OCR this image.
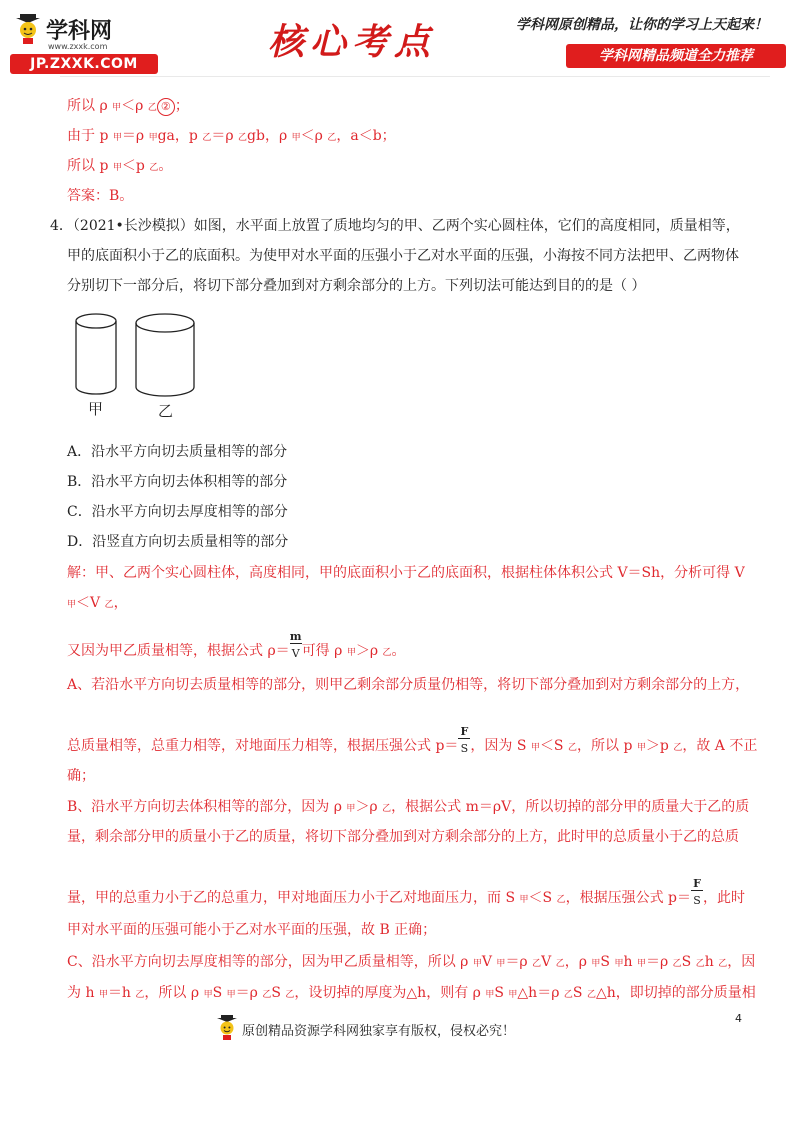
学科网
www.zxxk.com
JP.ZXXK.COM
核心考点	学科网原创精品，让你的学习上天起来！
学科网精品频道全力推荐
所以 ρ 甲＜ρ 乙 ② ；
由于 p 甲＝ρ 甲ga，p 乙＝ρ 乙gb，ρ 甲＜ρ 乙，a＜b；
所以 p 甲＜p 乙。
答案：B。
4．（2021•长沙模拟）如图，水平面上放置了质地均匀的甲、乙两个实心圆柱体，它们的高度相同，质量相等，
甲的底面积小于乙的底面积。为使甲对水平面的压强小于乙对水平面的压强，小海按不同方法把甲、乙两物体
分别切下一部分后，将切下部分叠加到对方剩余部分的上方。下列切法可能达到目的的是（ ）
甲	乙
A．沿水平方向切去质量相等的部分
B．沿水平方向切去体积相等的部分
C．沿水平方向切去厚度相等的部分
D．沿竖直方向切去质量相等的部分
解：甲、乙两个实心圆柱体，高度相同，甲的底面积小于乙的底面积，根据柱体体积公式 V＝Sh，分析可得 V
甲＜V 乙，
又因为甲乙质量相等，根据公式 $\rho= \frac{m}{V}$ 可得 ρ 甲＞ρ 乙。
A、若沿水平方向切去质量相等的部分，则甲乙剩余部分质量仍相等，将切下部分叠加到对方剩余部分的上方，
总质量相等，总重力相等，对地面压力相等，根据压强公式 $p= \frac{F}{S}$ ，因为 S 甲＜S 乙，所以 p 甲＞p 乙，故 A 不正
确；
B、沿水平方向切去体积相等的部分，因为 ρ 甲＞ρ 乙，根据公式 m＝ρV，所以切掉的部分甲的质量大于乙的质
量，剩余部分甲的质量小于乙的质量，将切下部分叠加到对方剩余部分的上方，此时甲的总质量小于乙的总质
量，甲的总重力小于乙的总重力，甲对地面压力小于乙对地面压力，而 S 甲＜S 乙，根据压强公式 $p= \frac{F}{S}$ ，此时
甲对水平面的压强可能小于乙对水平面的压强，故 B 正确；
C、沿水平方向切去厚度相等的部分，因为甲乙质量相等，所以 ρ 甲V 甲＝ρ 乙V 乙，ρ 甲S 甲h 甲＝ρ 乙S 乙h 乙，因
为 h 甲＝h 乙，所以 ρ 甲S 甲＝ρ 乙S 乙，设切掉的厚度为△h，则有 ρ 甲S 甲△h＝ρ 乙S 乙△h，即切掉的部分质量相
4
原创精品资源学科网独家享有版权，侵权必究！
